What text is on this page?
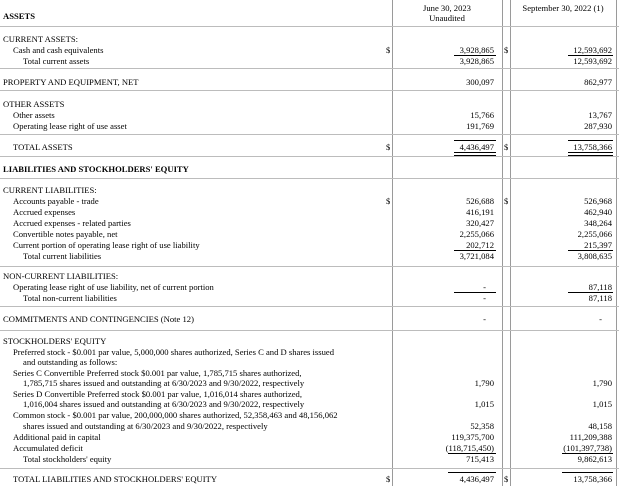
ASSETS
June 30, 2023
Unaudited
September 30, 2022 (1)
CURRENT ASSETS:
Cash and cash equivalents	$	3,928,865 $	12,593,692
Total current assets	3,928,865	12,593,692
PROPERTY AND EQUIPMENT, NET	300,097	862,977
OTHER ASSETS
Other assets	15,766	13,767
Operating lease right of use asset	191,769	287,930
TOTAL ASSETS	$	4,436,497 $	13,758,366
LIABILITIES AND STOCKHOLDERS' EQUITY
CURRENT LIABILITIES:
Accounts payable - trade	$	526,688 $	526,968
Accrued expenses	416,191	462,940
Accrued expenses - related parties	320,427	348,264
Convertible notes payable, net	2,255,066	2,255,066
Current portion of operating lease right of use liability	202,712	215,397
Total current liabilities	3,721,084	3,808,635
NON-CURRENT LIABILITIES:
Operating lease right of use liability, net of current portion	-	87,118
Total non-current liabilities	-	87,118
COMMITMENTS AND CONTINGENCIES (Note 12)	-	-
STOCKHOLDERS' EQUITY
Preferred stock - $0.001 par value, 5,000,000 shares authorized, Series C and D shares issued
and outstanding as follows:
Series C Convertible Preferred stock $0.001 par value, 1,785,715 shares authorized,
1,785,715 shares issued and outstanding at 6/30/2023 and 9/30/2022, respectively	1,790	1,790
Series D Convertible Preferred stock $0.001 par value, 1,016,014 shares authorized,
1,016,004 shares issued and outstanding at 6/30/2023 and 9/30/2022, respectively	1,015	1,015
Common stock - $0.001 par value, 200,000,000 shares authorized, 52,358,463 and 48,156,062
shares issued and outstanding at 6/30/2023 and 9/30/2022, respectively	52,358	48,158
Additional paid in capital	119,375,700	111,209,388
Accumulated deficit	(118,715,450)	(101,397,738)
Total stockholders' equity	715,413	9,862,613
TOTAL LIABILITIES AND STOCKHOLDERS' EQUITY	$	4,436,497 $	13,758,366
